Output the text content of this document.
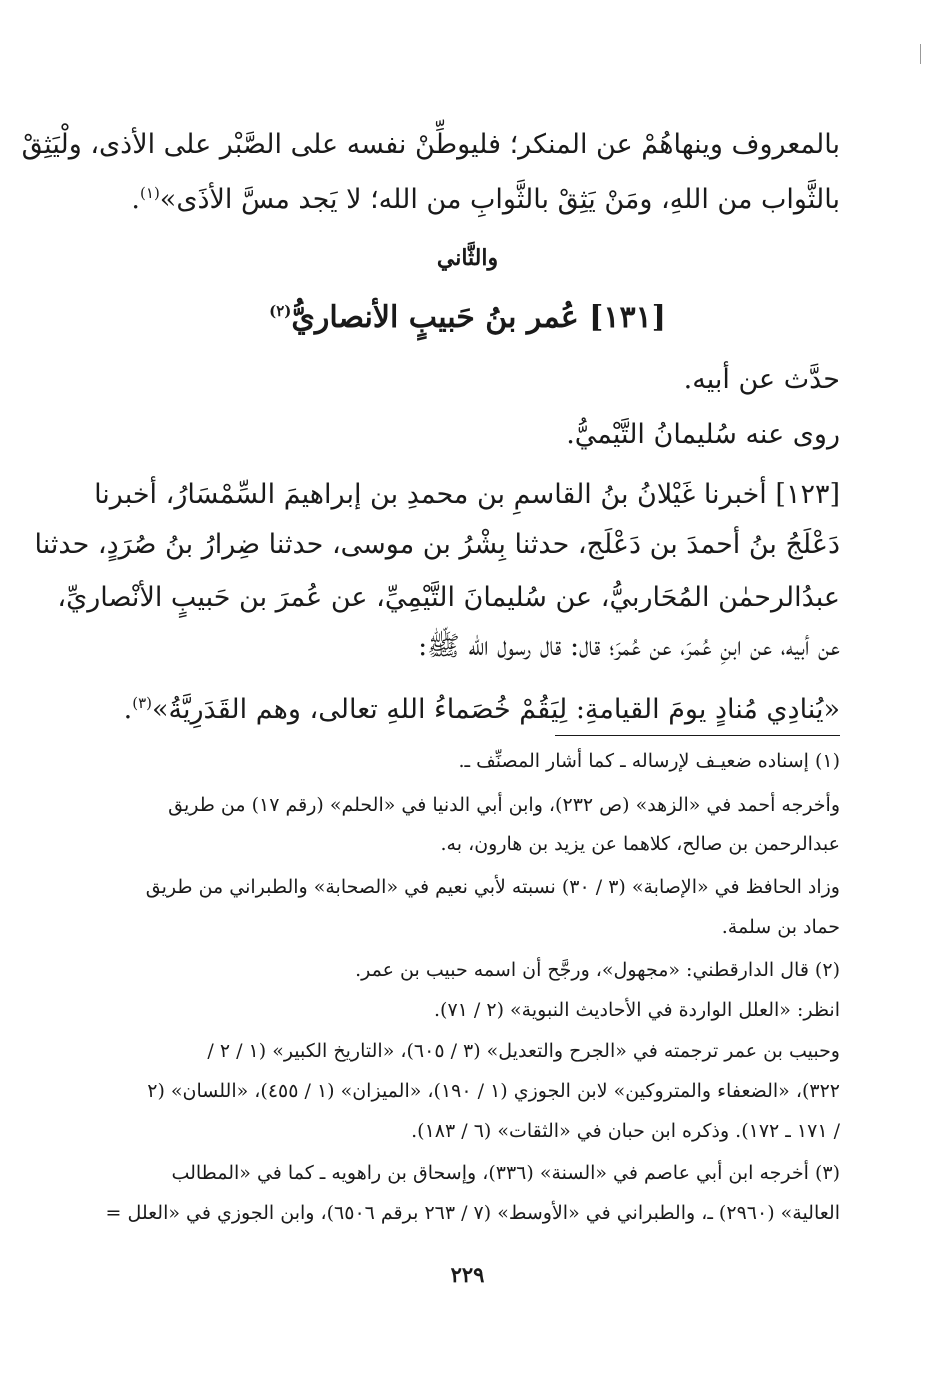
بالمعروف وينهاهُمْ عن المنكر؛ فليوطِّنْ نفسه على الصَّبْر على الأذى، ولْيَثِقْ
بالثَّواب من اللهِ، ومَنْ يَثِقْ بالثَّوابِ من الله؛ لا يَجد مسَّ الأذَى»$^{(١)}$.
والثَّاني
[١٣١] عُمر بنُ حَبيبٍ الأنصاريُّ$^{(٢)}$
حدَّث عن أبيه.
روى عنه سُليمانُ التَّيْميُّ.
[١٢٣] أخبرنا غَيْلانُ بنُ القاسمِ بن محمدِ بن إبراهيمَ السِّمْسَارُ، أخبرنا
دَعْلَجُ بنُ أحمدَ بن دَعْلَج، حدثنا بِشْرُ بن موسى، حدثنا ضِرارُ بنُ صُرَدٍ، حدثنا
عبدُالرحمٰن المُحَاربيُّ، عن سُليمانَ التَّيْمِيِّ، عن عُمرَ بن حَبيبٍ الأنْصاريِّ،
عن أبيه، عن ابنِ عُمرَ، عن عُمرَ؛ قال: قال رسول الله ﷺ:
«يُنادِي مُنادٍ يومَ القيامةِ: لِيَقُمْ خُصَماءُ اللهِ تعالى، وهم القَدَرِيَّةُ»$^{(٣)}$.
(١) إسناده ضعيـف لإرساله ـ كما أشار المصنِّف ـ.
وأخرجه أحمد في «الزهد» (ص ٢٣٢)، وابن أبي الدنيا في «الحلم» (رقم ١٧) من طريق
عبدالرحمن بن صالح، كلاهما عن يزيد بن هارون، به.
وزاد الحافظ في «الإصابة» (٣ / ٣٠) نسبته لأبي نعيم في «الصحابة» والطبراني من طريق
حماد بن سلمة.
(٢) قال الدارقطني: «مجهول»، ورجَّح أن اسمه حبيب بن عمر.
انظر: «العلل الواردة في الأحاديث النبوية» (٢ / ٧١).
وحبيب بن عمر ترجمته في «الجرح والتعديل» (٣ / ٦٠٥)، «التاريخ الكبير» (١ / ٢ /
٣٢٢)، «الضعفاء والمتروكين» لابن الجوزي (١ / ١٩٠)، «الميزان» (١ / ٤٥٥)، «اللسان» (٢
/ ١٧١ ـ ١٧٢). وذكره ابن حبان في «الثقات» (٦ / ١٨٣).
(٣) أخرجه ابن أبي عاصم في «السنة» (٣٣٦)، وإسحاق بن راهويه ـ كما في «المطالب
العالية» (٢٩٦٠) ـ، والطبراني في «الأوسط» (٧ / ٢٦٣ برقم ٦٥٠٦)، وابن الجوزي في «العلل =
٢٢٩
